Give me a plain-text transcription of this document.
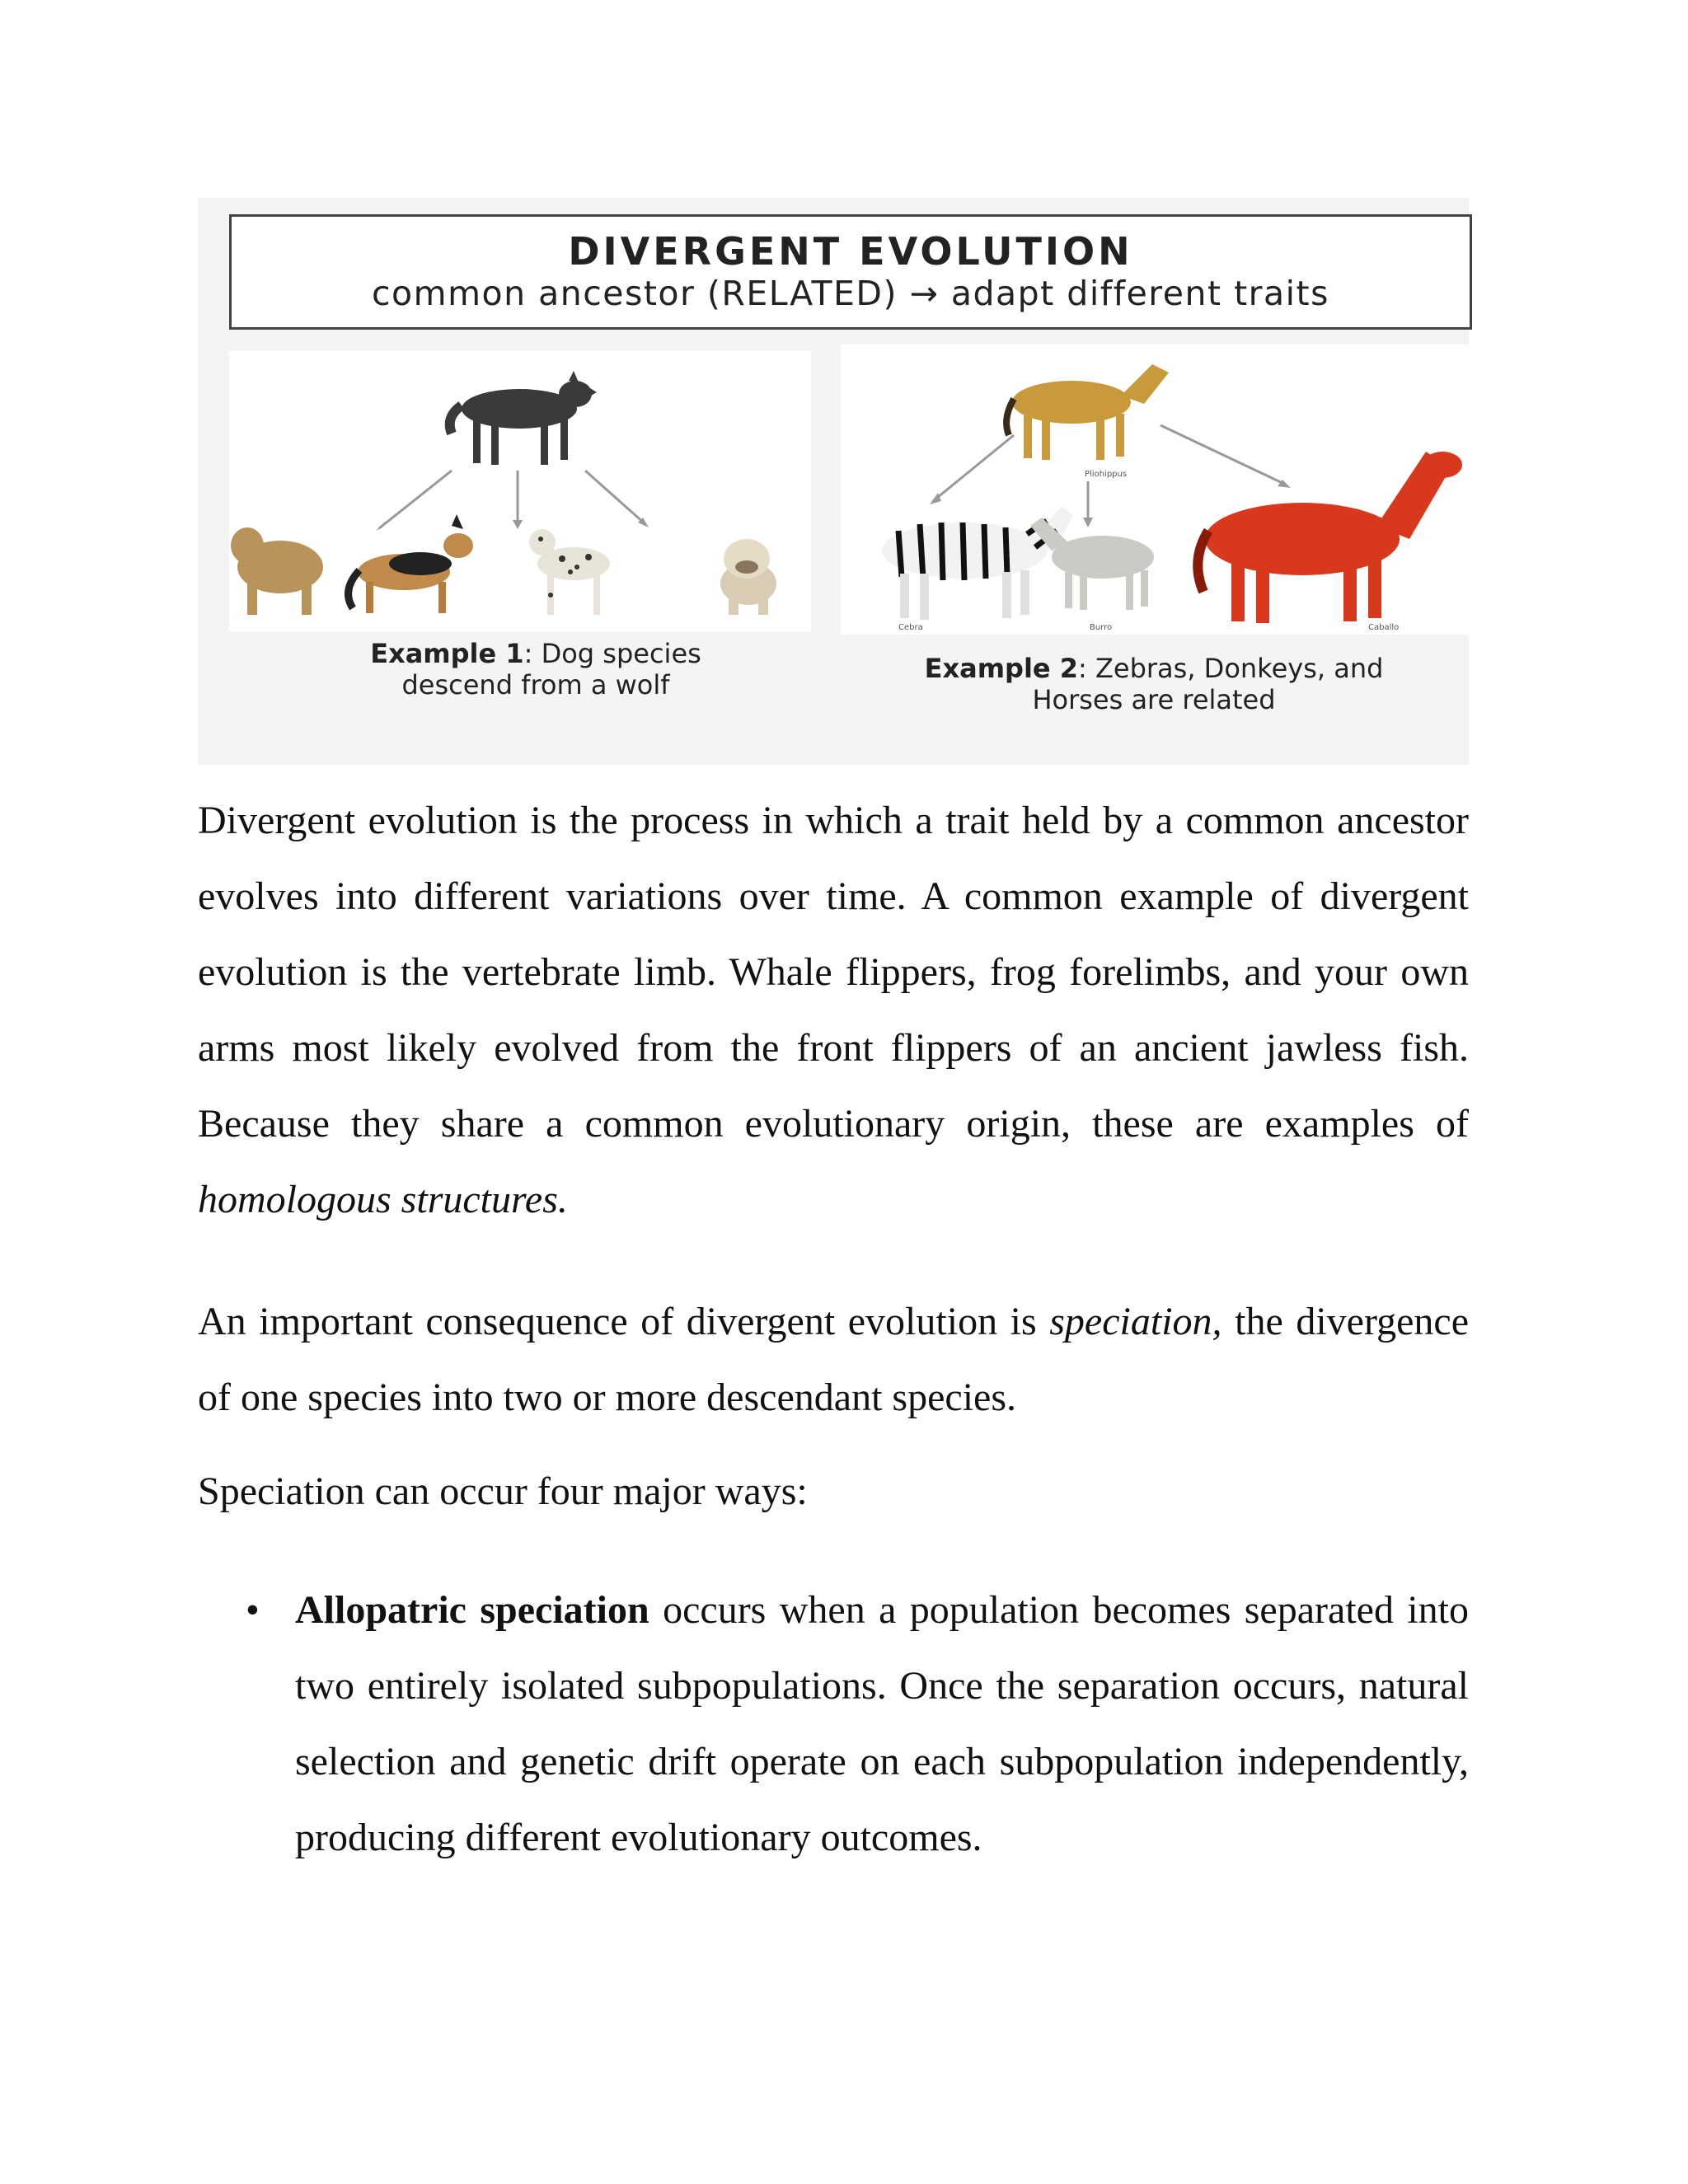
DIVERGENT EVOLUTION
common ancestor (RELATED) → adapt different traits
Pliohippus
Cebra	Burro	Caballo
Example 1: Dog species
descend from a wolf
Example 2: Zebras, Donkeys, and
Horses are related
Divergent evolution is the process in which a trait held by a common ancestor evolves into different variations over time. A common example of divergent evolution is the vertebrate limb. Whale flippers, frog forelimbs, and your own arms most likely evolved from the front flippers of an ancient jawless fish. Because they share a common evolutionary origin, these are examples of homologous structures.
An important consequence of divergent evolution is speciation, the divergence of one species into two or more descendant species.
Speciation can occur four major ways:
• Allopatric speciation occurs when a population becomes separated into two entirely isolated subpopulations. Once the separation occurs, natural selection and genetic drift operate on each subpopulation independently, producing different evolutionary outcomes.
